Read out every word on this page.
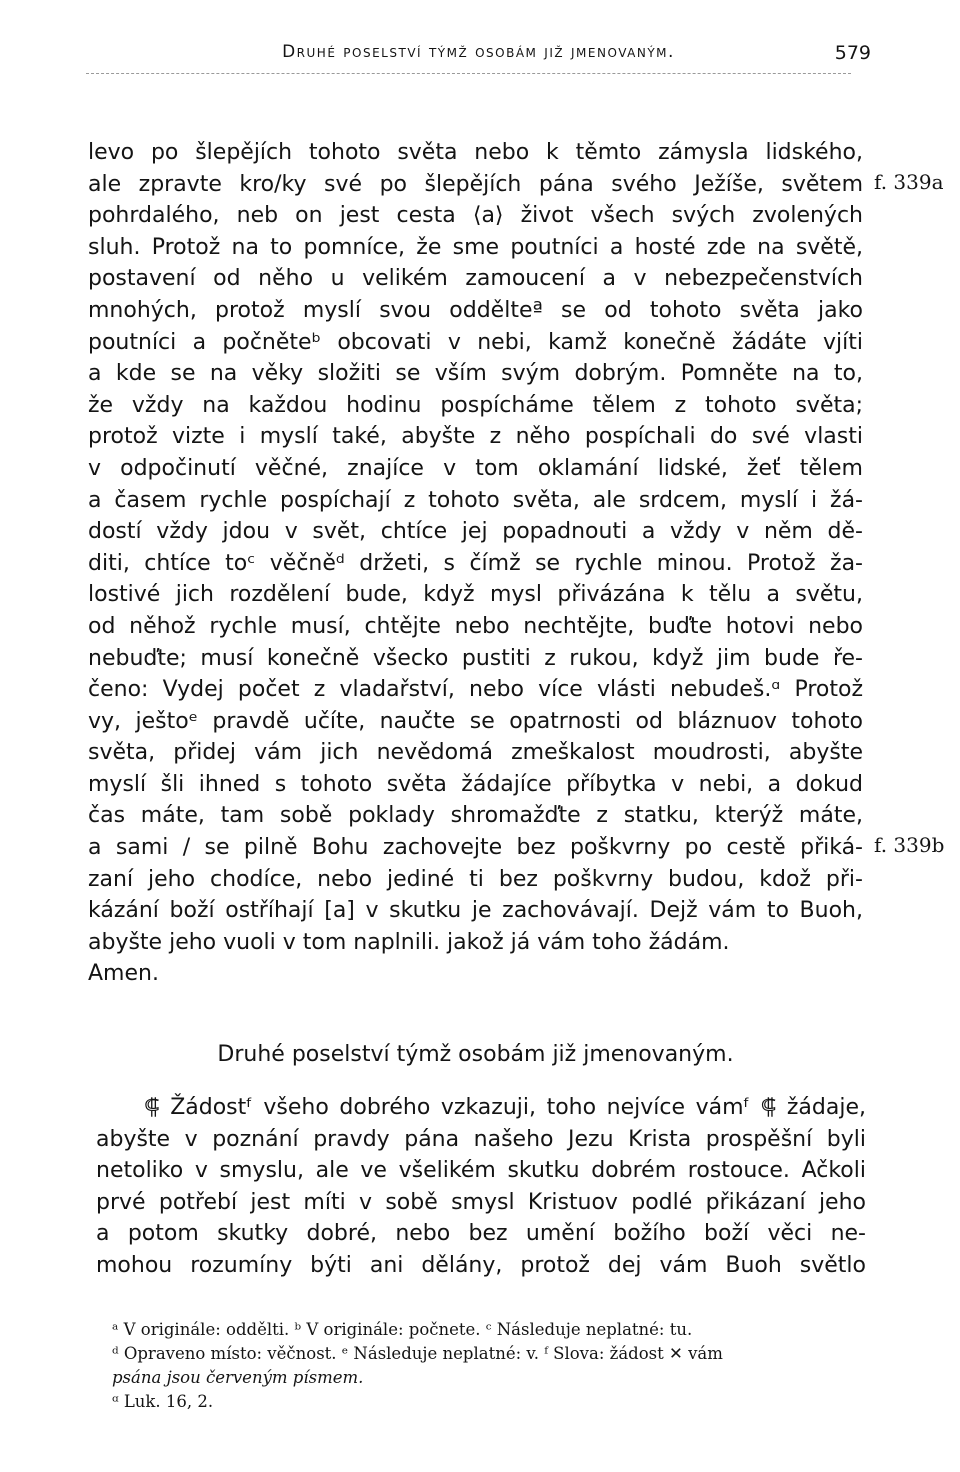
Druhé poselství týmž osobám již jmenovaným.	579
f. 339a
f. 339b
levo po šlepějích tohoto světa nebo k těmto zámysla lidského,
ale zpravte kro/ky své po šlepějích pána svého Ježíše, světem
pohrdalého, neb on jest cesta ⟨a⟩ život všech svých zvolených
sluh. Protož na to pomníce, že sme poutníci a hosté zde na světě,
postavení od něho u velikém zamoucení a v nebezpečenstvích
mnohých, protož myslí svou oddělteª se od tohoto světa jako
poutníci a počněteᵇ obcovati v nebi, kamž konečně žádáte vjíti
a kde se na věky složiti se vším svým dobrým. Pomněte na to,
že vždy na každou hodinu pospícháme tělem z tohoto světa;
protož vizte i myslí také, abyšte z něho pospíchali do své vlasti
v odpočinutí věčné, znajíce v tom oklamání lidské, žeť tělem
a časem rychle pospíchají z tohoto světa, ale srdcem, myslí i žá-
dostí vždy jdou v svět, chtíce jej popadnouti a vždy v něm dě-
diti, chtíce toᶜ věčněᵈ držeti, s čímž se rychle minou. Protož ža-
lostivé jich rozdělení bude, když mysl přivázána k tělu a světu,
od něhož rychle musí, chtějte nebo nechtějte, buďte hotovi nebo
nebuďte; musí konečně všecko pustiti z rukou, když jim bude ře-
čeno: Vydej počet z vladařství, nebo více vlásti nebudeš.ᵅ Protož
vy, ještoᵉ pravdě učíte, naučte se opatrnosti od bláznuov tohoto
světa, přidej vám jich nevědomá zmeškalost moudrosti, abyšte
myslí šli ihned s tohoto světa žádajíce příbytka v nebi, a dokud
čas máte, tam sobě poklady shromažďte z statku, kterýž máte,
a sami / se pilně Bohu zachovejte bez poškvrny po cestě přiká-
zaní jeho chodíce, nebo jediné ti bez poškvrny budou, kdož při-
kázání boží ostříhají [a] v skutku je zachovávají. Dejž vám to Buoh,
abyšte jeho vuoli v tom naplnili. jakož já vám toho žádám.
Amen.
Druhé poselství týmž osobám již jmenovaným.
⸿ Žádostᶠ všeho dobrého vzkazuji, toho nejvíce vámᶠ ⸿ žádaje,
abyšte v poznání pravdy pána našeho Jezu Krista prospěšní byli
netoliko v smyslu, ale ve všelikém skutku dobrém rostouce. Ačkoli
prvé potřebí jest míti v sobě smysl Kristuov podlé přikázaní jeho
a potom skutky dobré, nebo bez umění božího boží věci ne-
mohou rozumíny býti ani dělány, protož dej vám Buoh světlo
ᵃ V originále: oddělti. ᵇ V originále: počnete. ᶜ Následuje neplatné: tu.
ᵈ Opraveno místo: věčnost. ᵉ Následuje neplatné: v. ᶠ Slova: žádost ✕ vám
psána jsou červeným písmem.
ᵅ Luk. 16, 2.
